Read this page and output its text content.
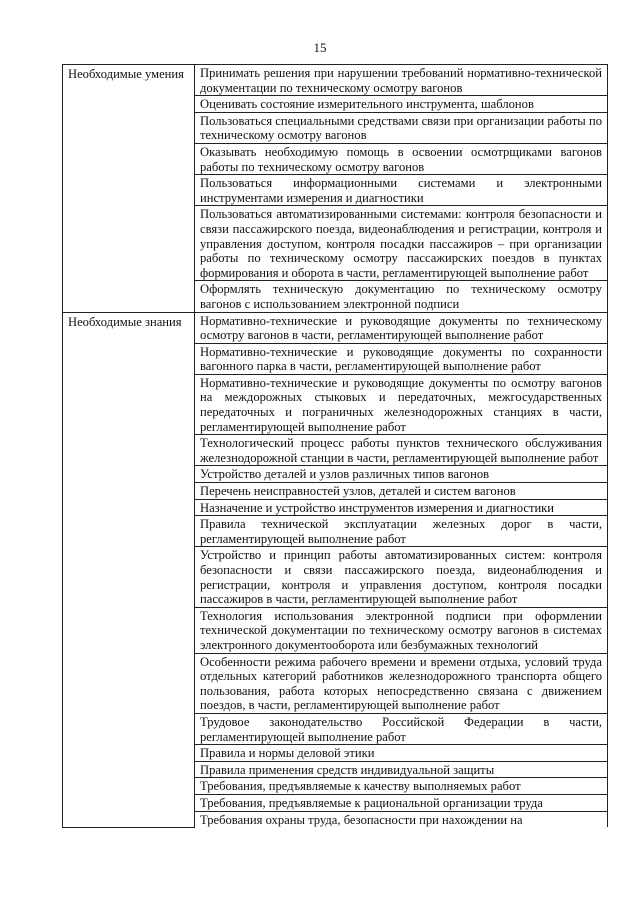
15
Необходимые умения	Принимать решения при нарушении требований нормативно-технической документации по техническому осмотру вагонов
	Оценивать состояние измерительного инструмента, шаблонов
	Пользоваться специальными средствами связи при организации работы по техническому осмотру вагонов
	Оказывать необходимую помощь в освоении осмотрщиками вагонов работы по техническому осмотру вагонов
	Пользоваться информационными системами и электронными инструментами измерения и диагностики
	Пользоваться автоматизированными системами: контроля безопасности и связи пассажирского поезда, видеонаблюдения и регистрации, контроля и управления доступом, контроля посадки пассажиров – при организации работы по техническому осмотру пассажирских поездов в пунктах формирования и оборота в части, регламентирующей выполнение работ
	Оформлять техническую документацию по техническому осмотру вагонов с использованием электронной подписи
Необходимые знания	Нормативно-технические и руководящие документы по техническому осмотру вагонов в части, регламентирующей выполнение работ
	Нормативно-технические и руководящие документы по сохранности вагонного парка в части, регламентирующей выполнение работ
	Нормативно-технические и руководящие документы по осмотру вагонов на междорожных стыковых и передаточных, межгосударственных передаточных и пограничных железнодорожных станциях в части, регламентирующей выполнение работ
	Технологический процесс работы пунктов технического обслуживания железнодорожной станции в части, регламентирующей выполнение работ
	Устройство деталей и узлов различных типов вагонов
	Перечень неисправностей узлов, деталей и систем вагонов
	Назначение и устройство инструментов измерения и диагностики
	Правила технической эксплуатации железных дорог в части, регламентирующей выполнение работ
	Устройство и принцип работы автоматизированных систем: контроля безопасности и связи пассажирского поезда, видеонаблюдения и регистрации, контроля и управления доступом, контроля посадки пассажиров в части, регламентирующей выполнение работ
	Технология использования электронной подписи при оформлении технической документации по техническому осмотру вагонов в системах электронного документооборота или безбумажных технологий
	Особенности режима рабочего времени и времени отдыха, условий труда отдельных категорий работников железнодорожного транспорта общего пользования, работа которых непосредственно связана с движением поездов, в части, регламентирующей выполнение работ
	Трудовое законодательство Российской Федерации в части, регламентирующей выполнение работ
	Правила и нормы деловой этики
	Правила применения средств индивидуальной защиты
	Требования, предъявляемые к качеству выполняемых работ
	Требования, предъявляемые к рациональной организации труда
	Требования охраны труда, безопасности при нахождении на
